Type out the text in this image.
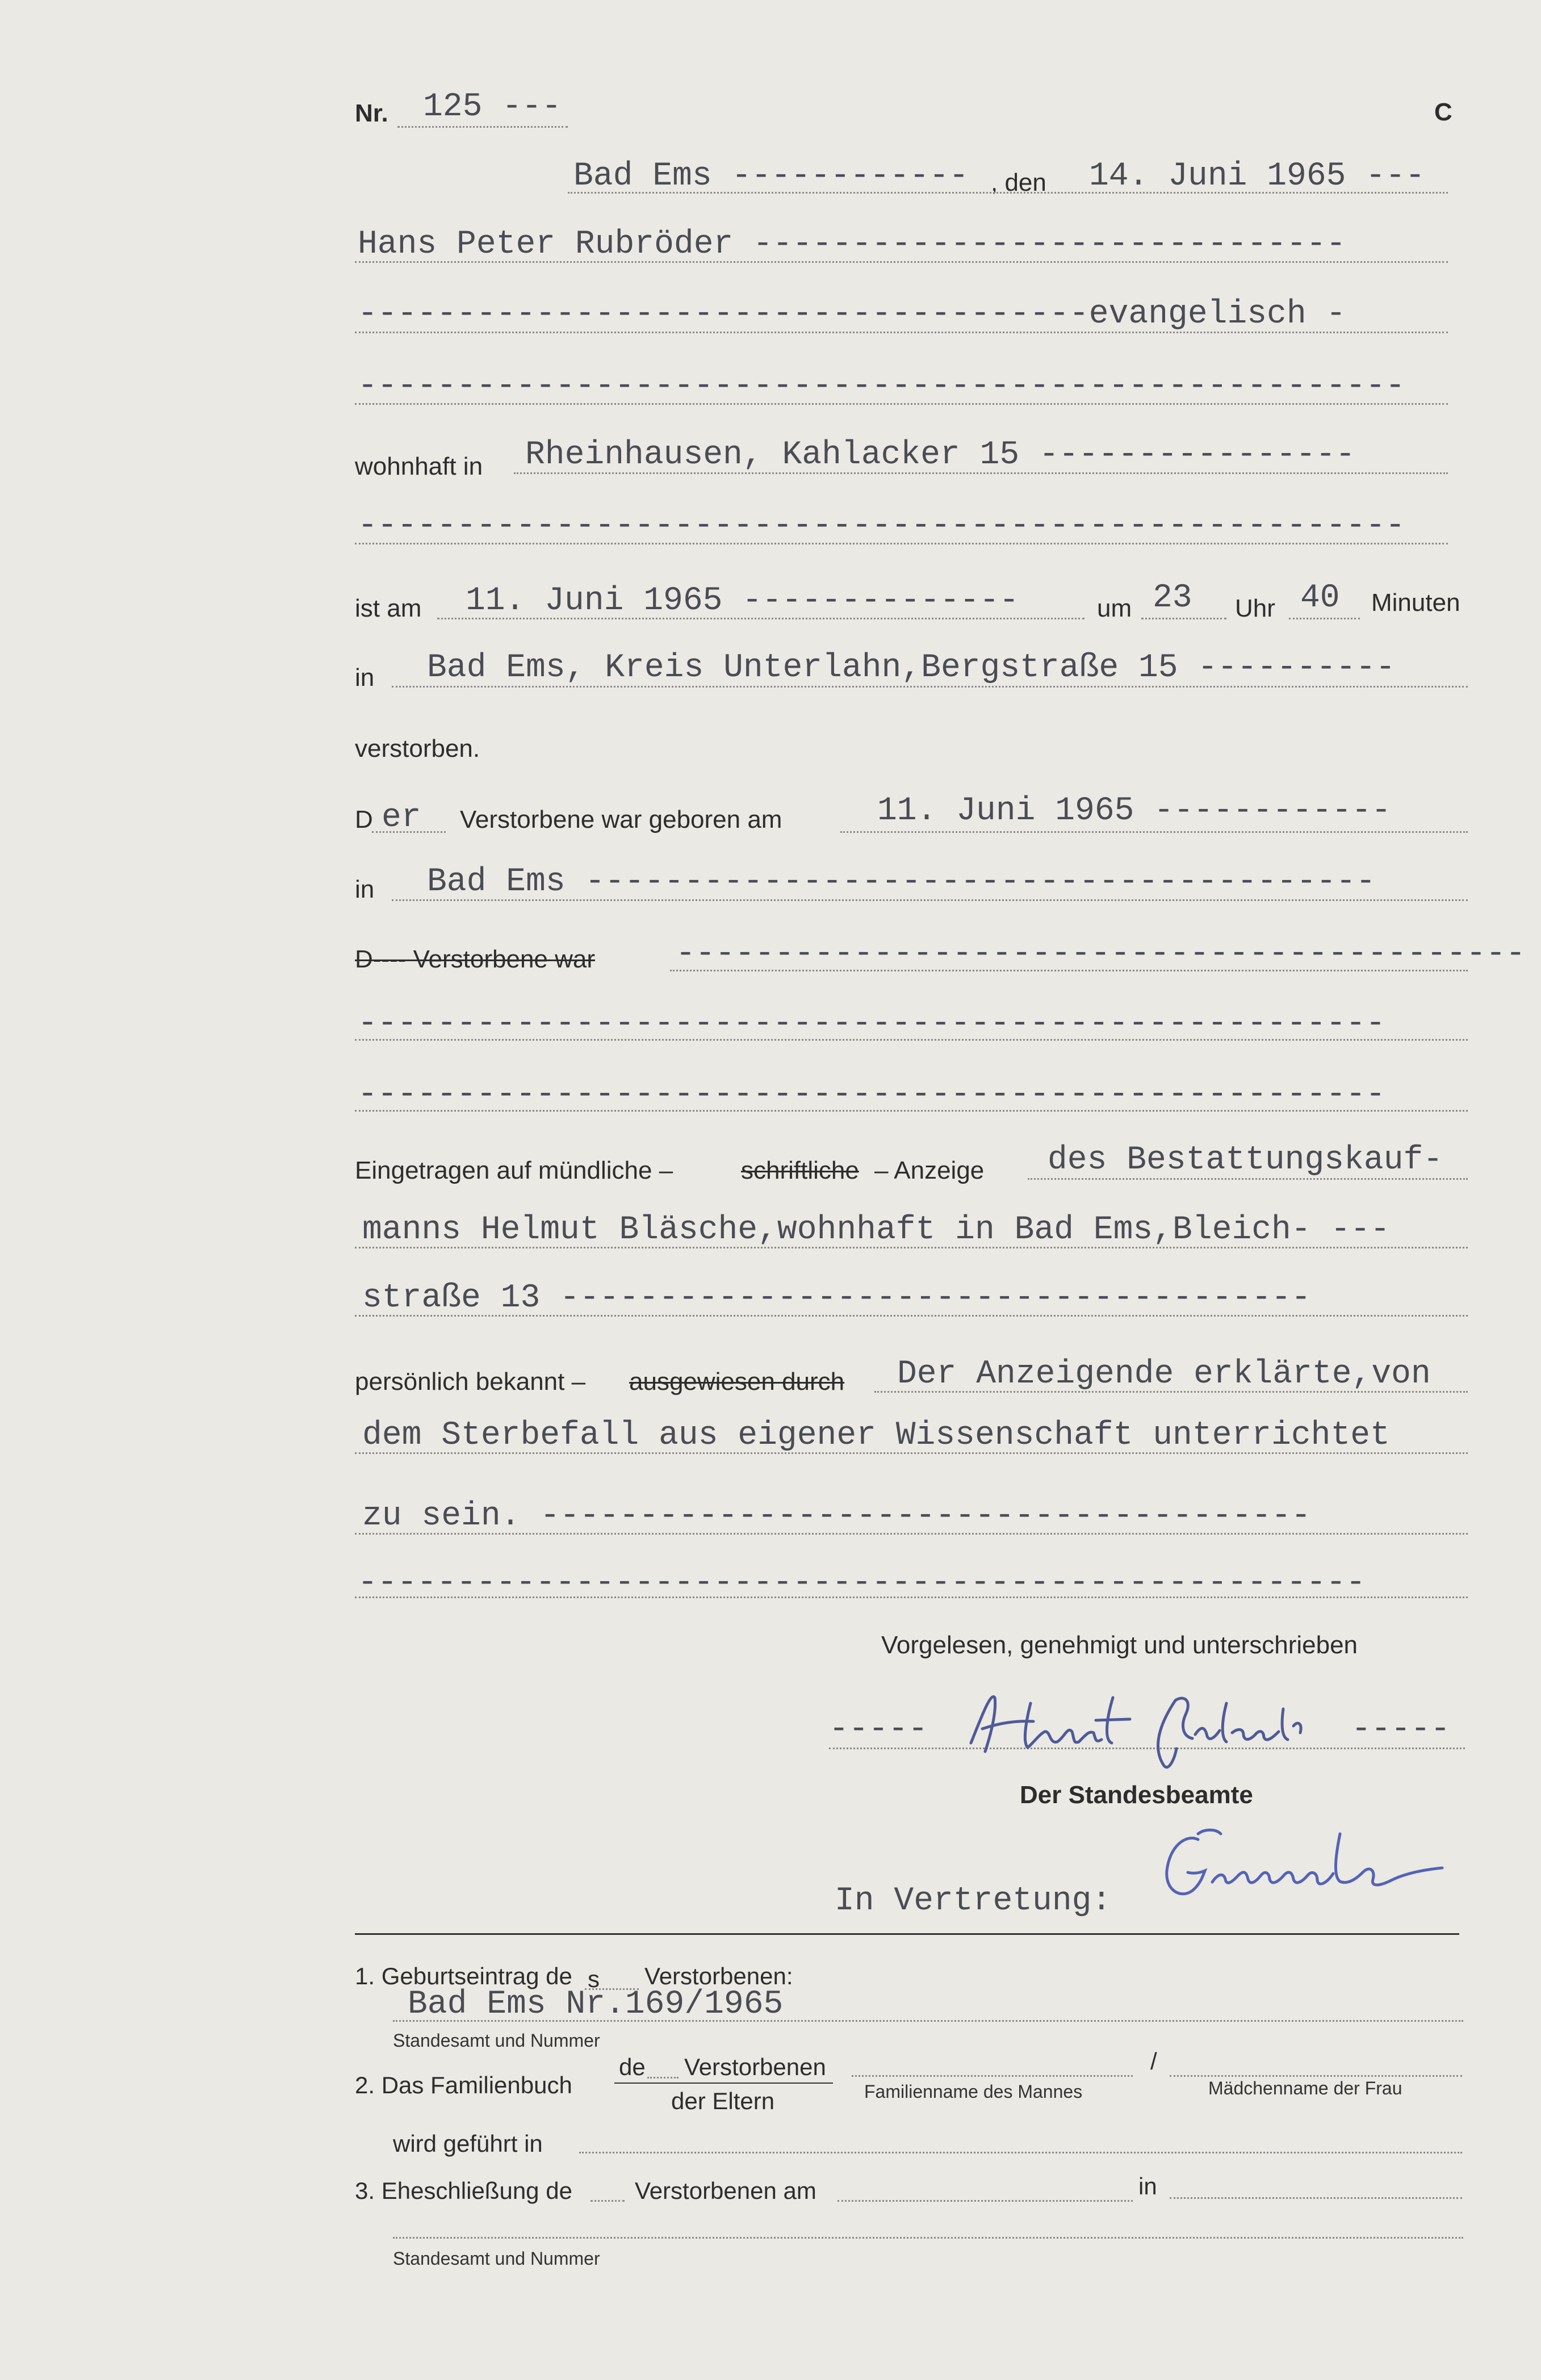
Nr. 125 ---	C
Bad Ems ------------ , den 14. Juni 1965 ---
Hans Peter Rubröder ------------------------------
-------------------------------------evangelisch -
-----------------------------------------------------
wohnhaft in Rheinhausen, Kahlacker 15 ----------------
-----------------------------------------------------
ist am 11. Juni 1965 --------------	um 23 Uhr 40 Minuten
in Bad Ems, Kreis Unterlahn,Bergstraße 15 ----------
verstorben.
D er Verstorbene war geboren am	11. Juni 1965 ------------
in Bad Ems ----------------------------------------
D---- Verstorbene war -------------------------------------------
----------------------------------------------------
----------------------------------------------------
Eingetragen auf mündliche –	schriftliche – Anzeige des Bestattungskauf-
manns Helmut Bläsche,wohnhaft in Bad Ems,Bleich- ---
straße 13 --------------------------------------
persönlich bekannt – ausgewiesen durch Der Anzeigende erklärte,von
dem Sterbefall aus eigener Wissenschaft unterrichtet
zu sein. ---------------------------------------
---------------------------------------------------
Vorgelesen, genehmigt und unterschrieben
-----	-----
Der Standesbeamte
In Vertretung:
1. Geburtseintrag de s Verstorbenen:
Bad Ems Nr.169/1965
Standesamt und Nummer
2. Das Familienbuch
de Verstorbenen
der Eltern
/
Familienname des Mannes	Mädchenname der Frau
wird geführt in
3. Eheschließung de	Verstorbenen am	in
Standesamt und Nummer
